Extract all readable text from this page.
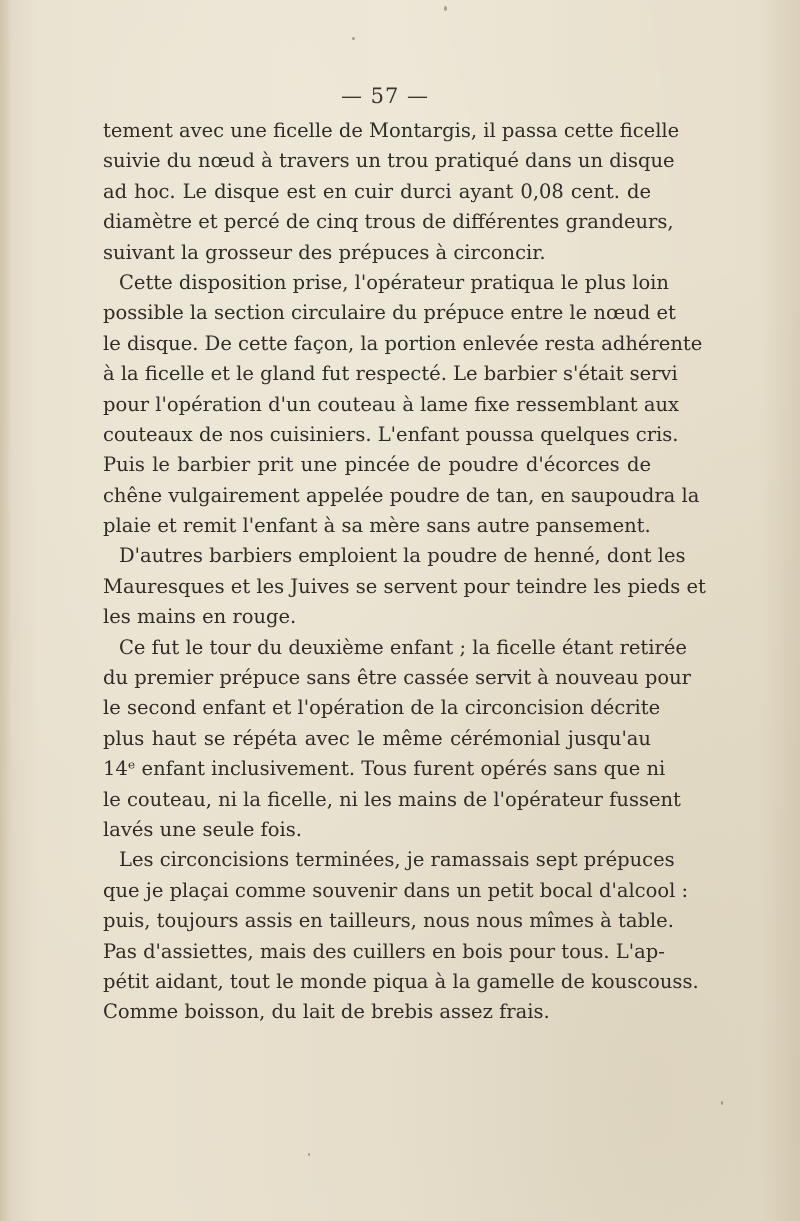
— 57 —
tement avec une ficelle de Montargis, il passa cette ficelle
suivie du nœud à travers un trou pratiqué dans un disque
ad hoc. Le disque est en cuir durci ayant 0,08 cent. de
diamètre et percé de cinq trous de différentes grandeurs,
suivant la grosseur des prépuces à circoncir.
Cette disposition prise, l'opérateur pratiqua le plus loin
possible la section circulaire du prépuce entre le nœud et
le disque. De cette façon, la portion enlevée resta adhérente
à la ficelle et le gland fut respecté. Le barbier s'était servi
pour l'opération d'un couteau à lame fixe ressemblant aux
couteaux de nos cuisiniers. L'enfant poussa quelques cris.
Puis le barbier prit une pincée de poudre d'écorces de
chêne vulgairement appelée poudre de tan, en saupoudra la
plaie et remit l'enfant à sa mère sans autre pansement.
D'autres barbiers emploient la poudre de henné, dont les
Mauresques et les Juives se servent pour teindre les pieds et
les mains en rouge.
Ce fut le tour du deuxième enfant ; la ficelle étant retirée
du premier prépuce sans être cassée servit à nouveau pour
le second enfant et l'opération de la circoncision décrite
plus haut se répéta avec le même cérémonial jusqu'au
14ᵉ enfant inclusivement. Tous furent opérés sans que ni
le couteau, ni la ficelle, ni les mains de l'opérateur fussent
lavés une seule fois.
Les circoncisions terminées, je ramassais sept prépuces
que je plaçai comme souvenir dans un petit bocal d'alcool :
puis, toujours assis en tailleurs, nous nous mîmes à table.
Pas d'assiettes, mais des cuillers en bois pour tous. L'ap-
pétit aidant, tout le monde piqua à la gamelle de kouscouss.
Comme boisson, du lait de brebis assez frais.
